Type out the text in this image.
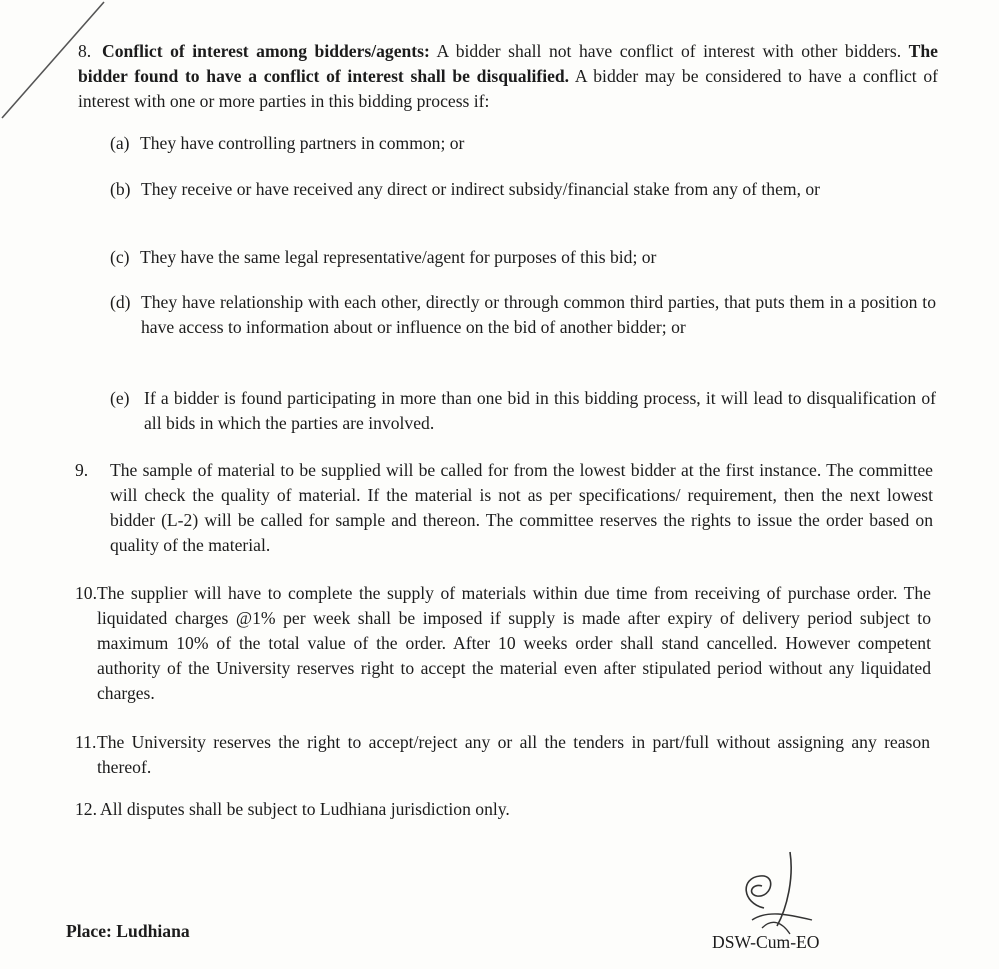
8. Conflict of interest among bidders/agents: A bidder shall not have conflict of interest with other bidders. The bidder found to have a conflict of interest shall be disqualified. A bidder may be considered to have a conflict of interest with one or more parties in this bidding process if:
(a) They have controlling partners in common; or
(b) They receive or have received any direct or indirect subsidy/financial stake from any of them, or
(c) They have the same legal representative/agent for purposes of this bid; or
(d) They have relationship with each other, directly or through common third parties, that puts them in a position to have access to information about or influence on the bid of another bidder; or
(e) If a bidder is found participating in more than one bid in this bidding process, it will lead to disqualification of all bids in which the parties are involved.
9.	The sample of material to be supplied will be called for from the lowest bidder at the first instance. The committee will check the quality of material. If the material is not as per specifications/ requirement, then the next lowest bidder (L-2) will be called for sample and thereon. The committee reserves the rights to issue the order based on quality of the material.
10. The supplier will have to complete the supply of materials within due time from receiving of purchase order. The liquidated charges @1% per week shall be imposed if supply is made after expiry of delivery period subject to maximum 10% of the total value of the order. After 10 weeks order shall stand cancelled. However competent authority of the University reserves right to accept the material even after stipulated period without any liquidated charges.
11. The University reserves the right to accept/reject any or all the tenders in part/full without assigning any reason thereof.
12. All disputes shall be subject to Ludhiana jurisdiction only.
Place: Ludhiana
DSW-Cum-EO
